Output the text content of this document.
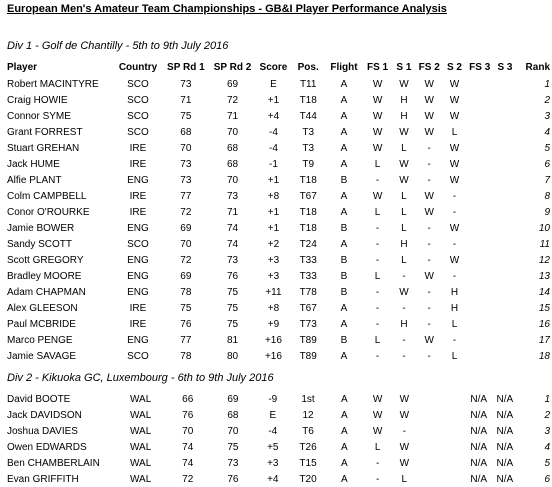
European Men's Amateur Team Championships - GB&I Player Performance Analysis
Div 1 - Golf de Chantilly - 5th to 9th July 2016
Player	Country	SP Rd 1	SP Rd 2	Score	Pos.	Flight	FS 1	S 1	FS 2	S 2	FS 3	S 3	Rank
Robert MACINTYRE	SCO	73	69	E	T11	A	W	W	W	W			1
Craig HOWIE	SCO	71	72	+1	T18	A	W	H	W	W			2
Connor SYME	SCO	75	71	+4	T44	A	W	H	W	W			3
Grant FORREST	SCO	68	70	-4	T3	A	W	W	W	L			4
Stuart GREHAN	IRE	70	68	-4	T3	A	W	L	-	W			5
Jack HUME	IRE	73	68	-1	T9	A	L	W	-	W			6
Alfie PLANT	ENG	73	70	+1	T18	B	-	W	-	W			7
Colm CAMPBELL	IRE	77	73	+8	T67	A	W	L	W	-			8
Conor O'ROURKE	IRE	72	71	+1	T18	A	L	L	W	-			9
Jamie BOWER	ENG	69	74	+1	T18	B	-	L	-	W			10
Sandy SCOTT	SCO	70	74	+2	T24	A	-	H	-	-			11
Scott GREGORY	ENG	72	73	+3	T33	B	-	L	-	W			12
Bradley MOORE	ENG	69	76	+3	T33	B	L	-	W	-			13
Adam CHAPMAN	ENG	78	75	+11	T78	B	-	W	-	H			14
Alex GLEESON	IRE	75	75	+8	T67	A	-	-	-	H			15
Paul MCBRIDE	IRE	76	75	+9	T73	A	-	H	-	L			16
Marco PENGE	ENG	77	81	+16	T89	B	L	-	W	-			17
Jamie SAVAGE	SCO	78	80	+16	T89	A	-	-	-	L			18
Div 2 - Kikuoka GC, Luxembourg - 6th to 9th July 2016
David BOOTE	WAL	66	69	-9	1st	A	W	W			N/A	N/A	1
Jack DAVIDSON	WAL	76	68	E	12	A	W	W			N/A	N/A	2
Joshua DAVIES	WAL	70	70	-4	T6	A	W	-			N/A	N/A	3
Owen EDWARDS	WAL	74	75	+5	T26	A	L	W			N/A	N/A	4
Ben CHAMBERLAIN	WAL	74	73	+3	T15	A	-	W			N/A	N/A	5
Evan GRIFFITH	WAL	72	76	+4	T20	A	-	L			N/A	N/A	6
